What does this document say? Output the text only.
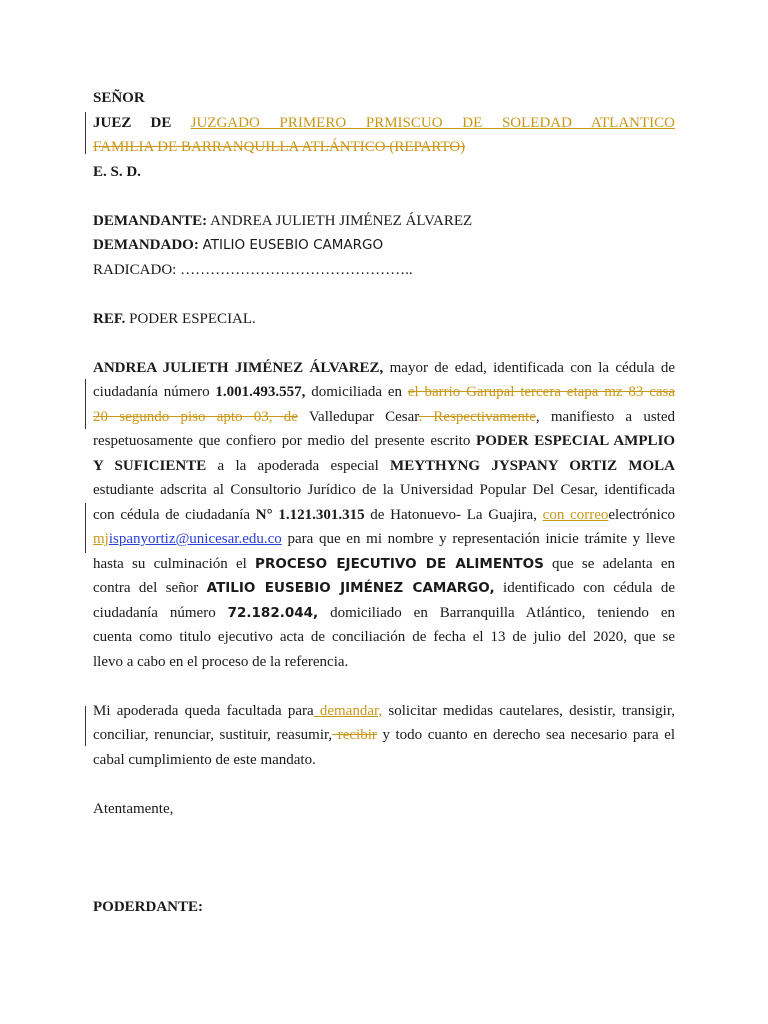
SEÑOR
JUEZ DE JUZGADO PRIMERO PRMISCUO DE SOLEDAD ATLANTICO
FAMILIA DE BARRANQUILLA ATLÁNTICO (REPARTO)
E. S. D.
DEMANDANTE: ANDREA JULIETH JIMÉNEZ ÁLVAREZ
DEMANDADO: ATILIO EUSEBIO CAMARGO
RADICADO: ………………………………………..
REF. PODER ESPECIAL.
ANDREA JULIETH JIMÉNEZ ÁLVAREZ, mayor de edad, identificada con la cédula de
ciudadanía número 1.001.493.557, domiciliada en el barrio Garupal tercera etapa mz 83 casa
20 segundo piso apto 03, de Valledupar Cesar. Respectivamente, manifiesto a usted
respetuosamente que confiero por medio del presente escrito PODER ESPECIAL AMPLIO
Y SUFICIENTE a la apoderada especial MEYTHYNG JYSPANY ORTIZ MOLA
estudiante adscrita al Consultorio Jurídico de la Universidad Popular Del Cesar, identificada
con cédula de ciudadanía N° 1.121.301.315 de Hatonuevo- La Guajira, con correoelectrónico
mjispanyortiz@unicesar.edu.co para que en mi nombre y representación inicie trámite y lleve
hasta su culminación el PROCESO EJECUTIVO DE ALIMENTOS que se adelanta en
contra del señor ATILIO EUSEBIO JIMÉNEZ CAMARGO, identificado con cédula de
ciudadanía número 72.182.044, domiciliado en Barranquilla Atlántico, teniendo en
cuenta como titulo ejecutivo acta de conciliación de fecha el 13 de julio del 2020, que se
llevo a cabo en el proceso de la referencia.
Mi apoderada queda facultada para demandar, solicitar medidas cautelares, desistir, transigir,
conciliar, renunciar, sustituir, reasumir, recibir y todo cuanto en derecho sea necesario para el
cabal cumplimiento de este mandato.
Atentamente,
PODERDANTE:
